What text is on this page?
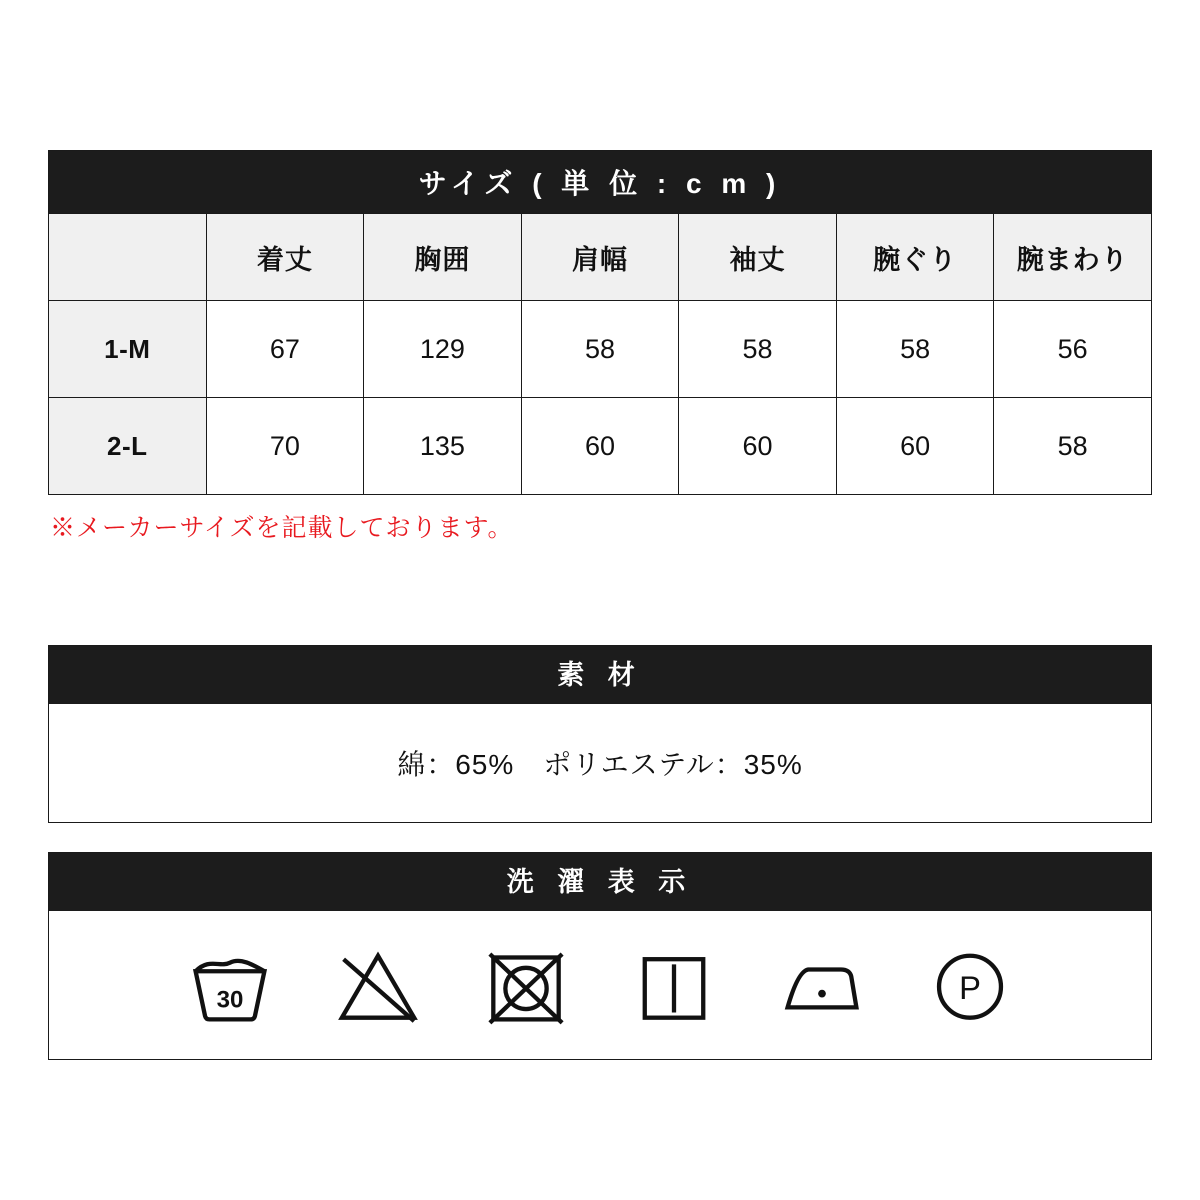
サイズ ( 単 位 : c m )						
	着丈	胸囲	肩幅	袖丈	腕ぐり	腕まわり
1-M	67	129	58	58	58	56
2-L	70	135	60	60	60	58
※メーカーサイズを記載しております。
素 材
綿：65%　ポリエステル：35%
洗 濯 表 示
30	P
